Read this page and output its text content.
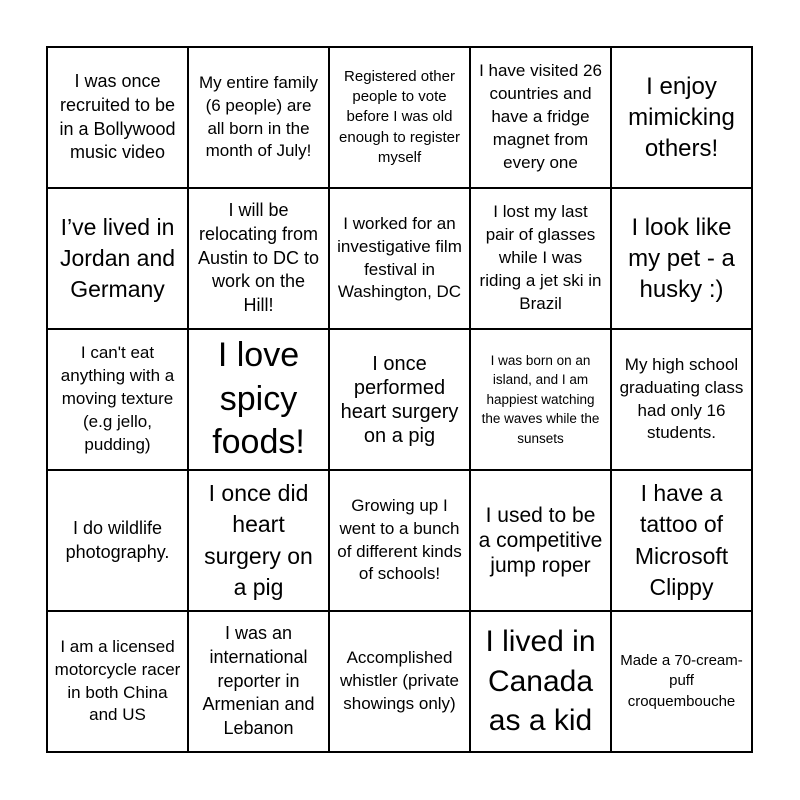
I was once recruited to be in a Bollywood music video
My entire family (6 people) are all born in the month of July!
Registered other people to vote before I was old enough to register myself
I have visited 26 countries and have a fridge magnet from every one
I enjoy mimicking others!
I’ve lived in Jordan and Germany
I will be relocating from Austin to DC to work on the Hill!
I worked for an investigative film festival in Washington, DC
I lost my last pair of glasses while I was riding a jet ski in Brazil
I look like my pet - a husky :)
I can't eat anything with a moving texture (e.g jello, pudding)
I love spicy foods!
I once performed heart surgery on a pig
I was born on an island, and I am happiest watching the waves while the sunsets
My high school graduating class had only 16 students.
I do wildlife photography.
I once did heart surgery on a pig
Growing up I went to a bunch of different kinds of schools!
I used to be a competitive jump roper
I have a tattoo of Microsoft Clippy
I am a licensed motorcycle racer in both China and US
I was an international reporter in Armenian and Lebanon
Accomplished whistler (private showings only)
I lived in Canada as a kid
Made a 70-cream-puff croquembouche
